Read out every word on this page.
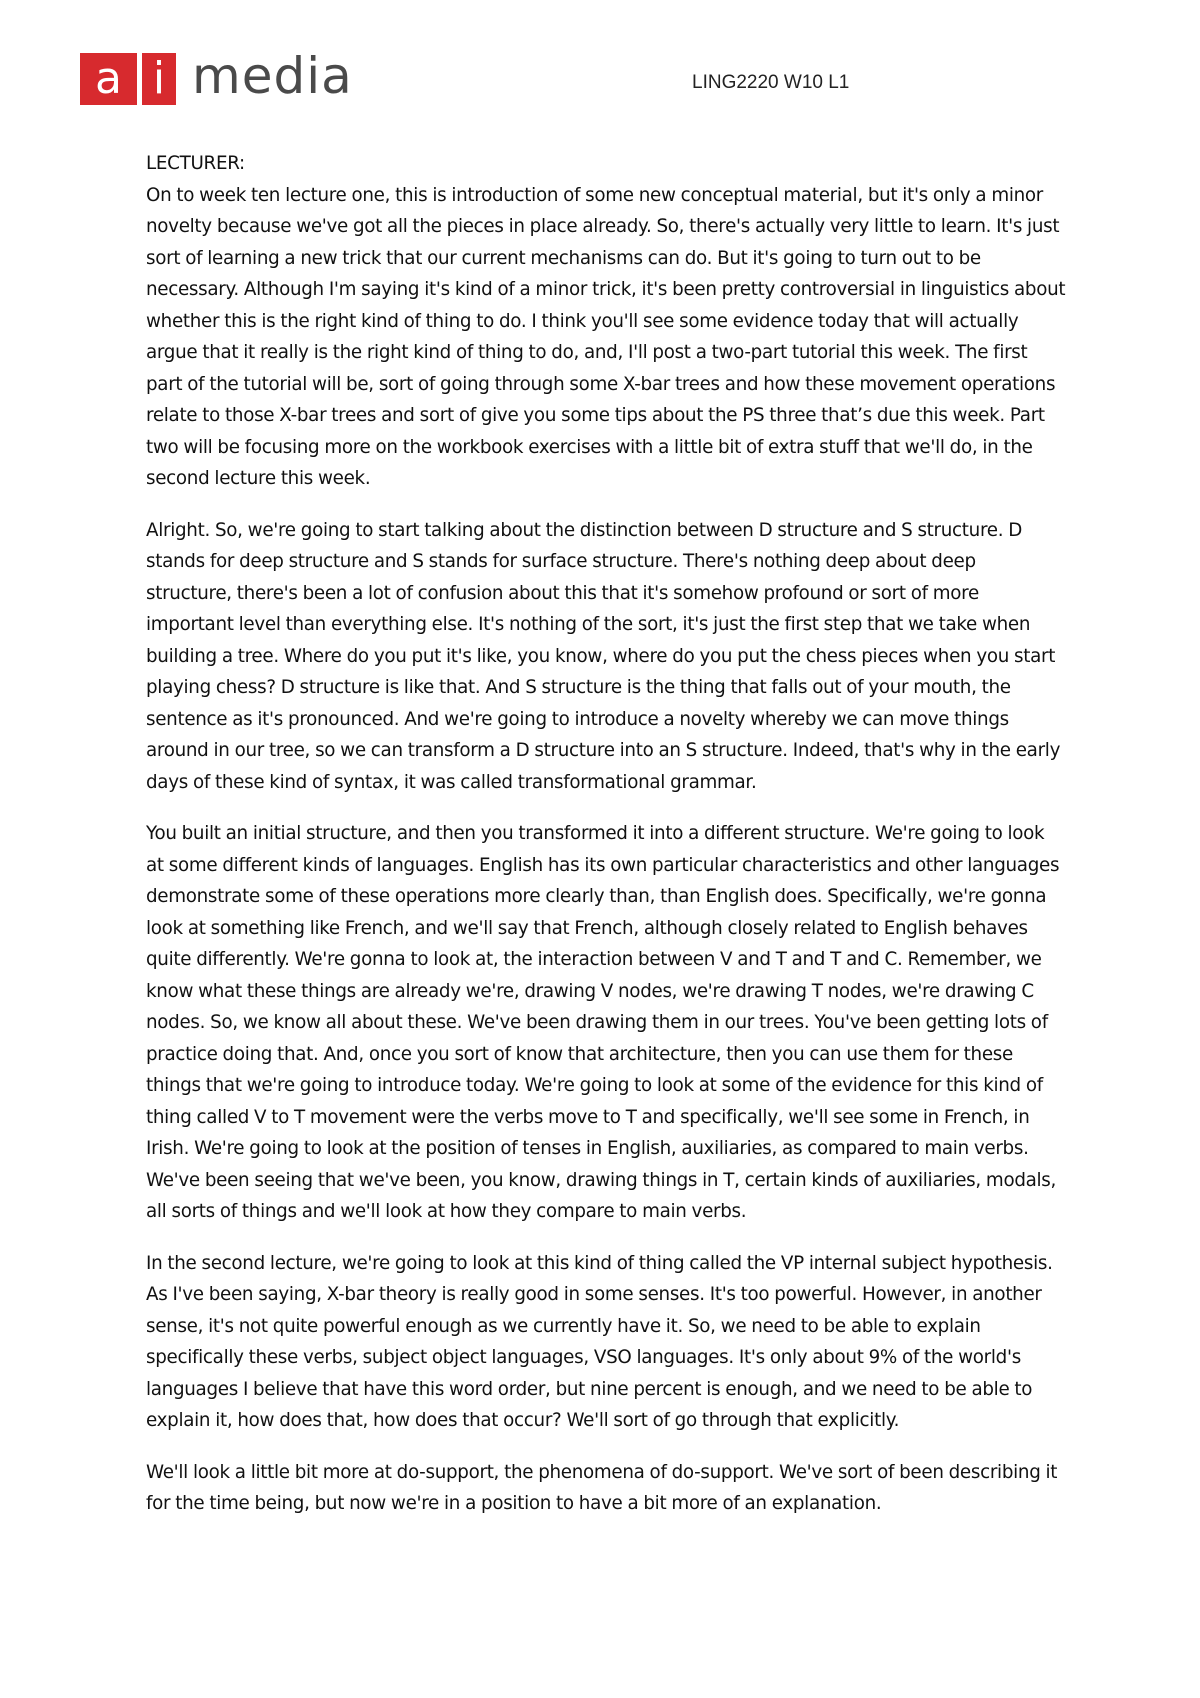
a i media	LING2220 W10 L1

LECTURER:

On to week ten lecture one, this is introduction of some new conceptual material, but it's only a minor novelty because we've got all the pieces in place already. So, there's actually very little to learn. It's just sort of learning a new trick that our current mechanisms can do. But it's going to turn out to be necessary. Although I'm saying it's kind of a minor trick, it's been pretty controversial in linguistics about whether this is the right kind of thing to do. I think you'll see some evidence today that will actually argue that it really is the right kind of thing to do, and, I'll post a two-part tutorial this week. The first part of the tutorial will be, sort of going through some X-bar trees and how these movement operations relate to those X-bar trees and sort of give you some tips about the PS three that’s due this week. Part two will be focusing more on the workbook exercises with a little bit of extra stuff that we'll do, in the second lecture this week.

Alright. So, we're going to start talking about the distinction between D structure and S structure. D stands for deep structure and S stands for surface structure. There's nothing deep about deep structure, there's been a lot of confusion about this that it's somehow profound or sort of more important level than everything else. It's nothing of the sort, it's just the first step that we take when building a tree. Where do you put it's like, you know, where do you put the chess pieces when you start playing chess? D structure is like that. And S structure is the thing that falls out of your mouth, the sentence as it's pronounced. And we're going to introduce a novelty whereby we can move things around in our tree, so we can transform a D structure into an S structure. Indeed, that's why in the early days of these kind of syntax, it was called transformational grammar.

You built an initial structure, and then you transformed it into a different structure. We're going to look at some different kinds of languages. English has its own particular characteristics and other languages demonstrate some of these operations more clearly than, than English does. Specifically, we're gonna look at something like French, and we'll say that French, although closely related to English behaves quite differently. We're gonna to look at, the interaction between V and T and T and C. Remember, we know what these things are already we're, drawing V nodes, we're drawing T nodes, we're drawing C nodes. So, we know all about these. We've been drawing them in our trees. You've been getting lots of practice doing that. And, once you sort of know that architecture, then you can use them for these things that we're going to introduce today. We're going to look at some of the evidence for this kind of thing called V to T movement were the verbs move to T and specifically, we'll see some in French, in Irish. We're going to look at the position of tenses in English, auxiliaries, as compared to main verbs. We've been seeing that we've been, you know, drawing things in T, certain kinds of auxiliaries, modals, all sorts of things and we'll look at how they compare to main verbs.

In the second lecture, we're going to look at this kind of thing called the VP internal subject hypothesis. As I've been saying, X-bar theory is really good in some senses. It's too powerful. However, in another sense, it's not quite powerful enough as we currently have it. So, we need to be able to explain specifically these verbs, subject object languages, VSO languages. It's only about 9% of the world's languages I believe that have this word order, but nine percent is enough, and we need to be able to explain it, how does that, how does that occur? We'll sort of go through that explicitly.

We'll look a little bit more at do-support, the phenomena of do-support. We've sort of been describing it for the time being, but now we're in a position to have a bit more of an explanation.
